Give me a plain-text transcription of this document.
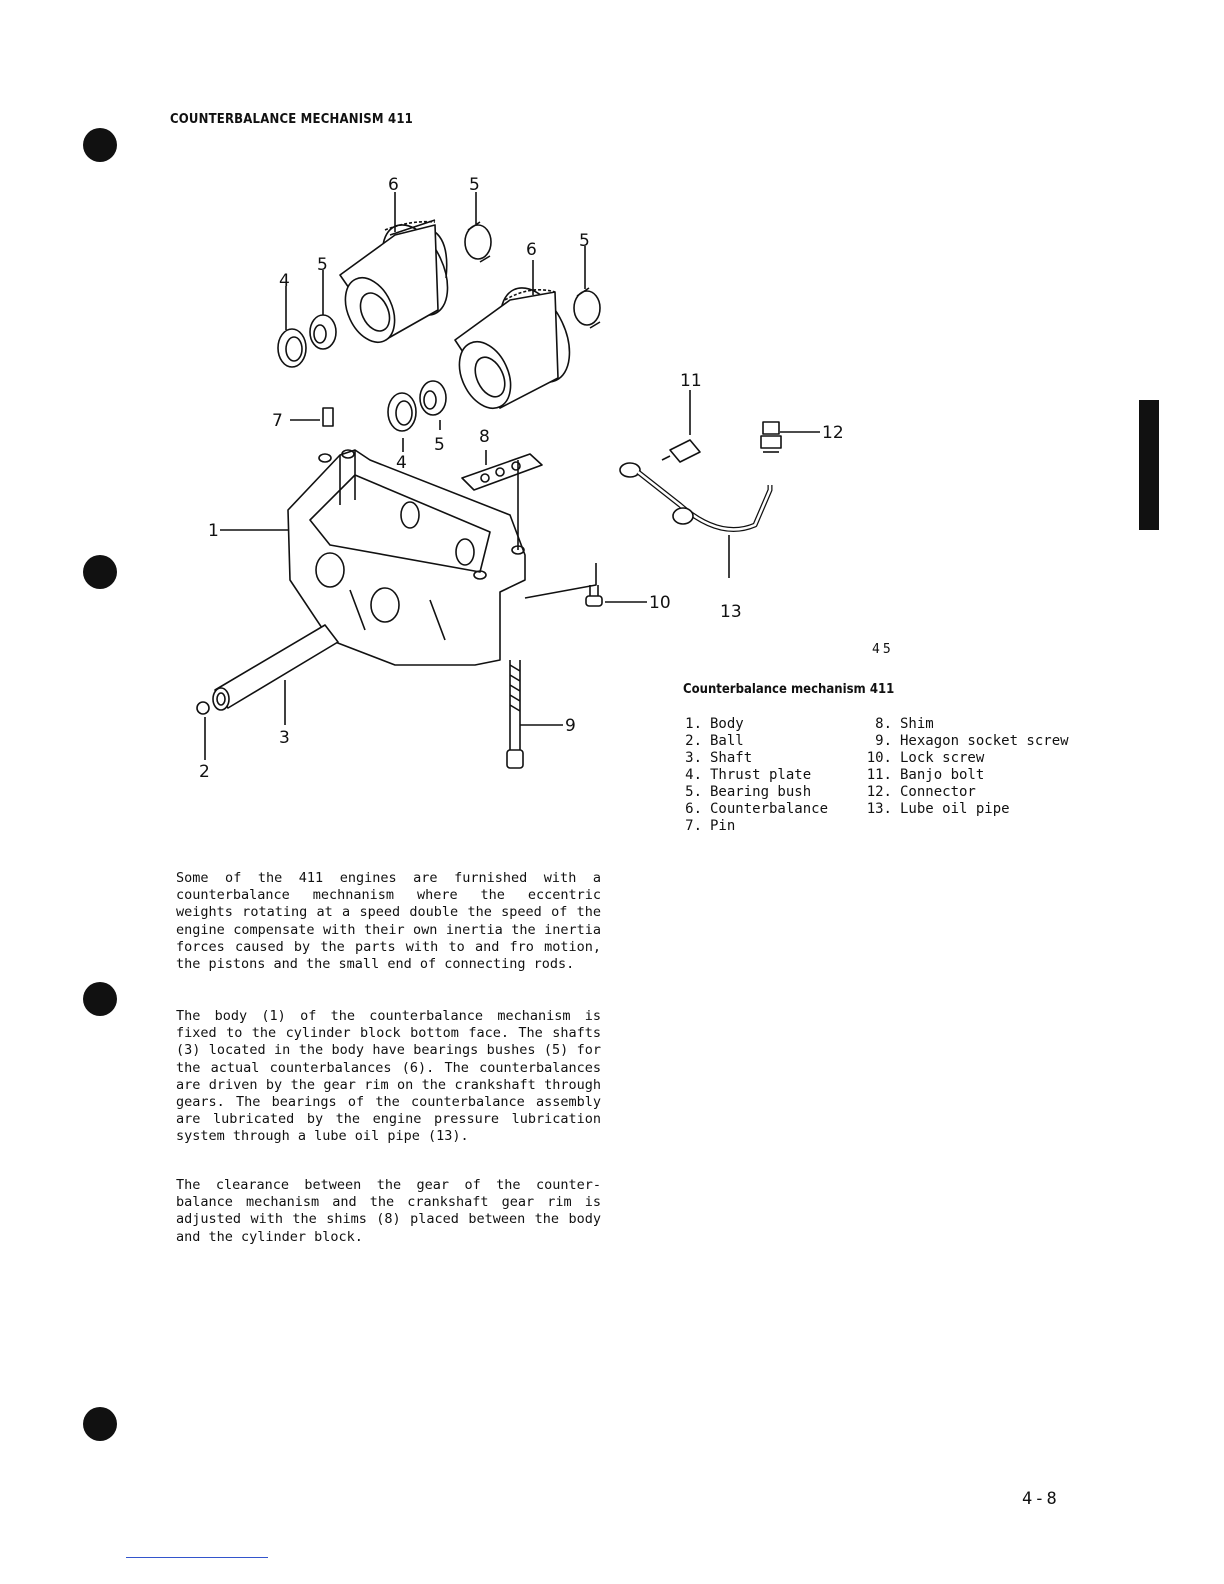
COUNTERBALANCE MECHANISM 411
6	5
6 5
4
5
7
4
5 8
1
2
3
9
10
11
12
13
45
Counterbalance mechanism 411
1. Body
2. Ball
3. Shaft
4. Thrust plate
5. Bearing bush
6. Counterbalance
7. Pin
8. Shim
9. Hexagon socket screw
10. Lock screw
11. Banjo bolt
12. Connector
13. Lube oil pipe

Some of the 411 engines are furnished with a counterbalance mechnanism where the eccentric weights rotating at a speed double the speed of the engine compensate with their own inertia the inertia forces caused by the parts with to and fro motion, the pistons and the small end of connecting rods.

The body (1) of the counterbalance mechanism is fixed to the cylinder block bottom face. The shafts (3) located in the body have bearings bushes (5) for the actual counterbalances (6). The counterbalances are driven by the gear rim on the crankshaft through gears. The bearings of the counterbalance assembly are lubricated by the engine pressure lubrication system through a lube oil pipe (13).

The clearance between the gear of the counter-balance mechanism and the crankshaft gear rim is adjusted with the shims (8) placed between the body and the cylinder block.

4-8
